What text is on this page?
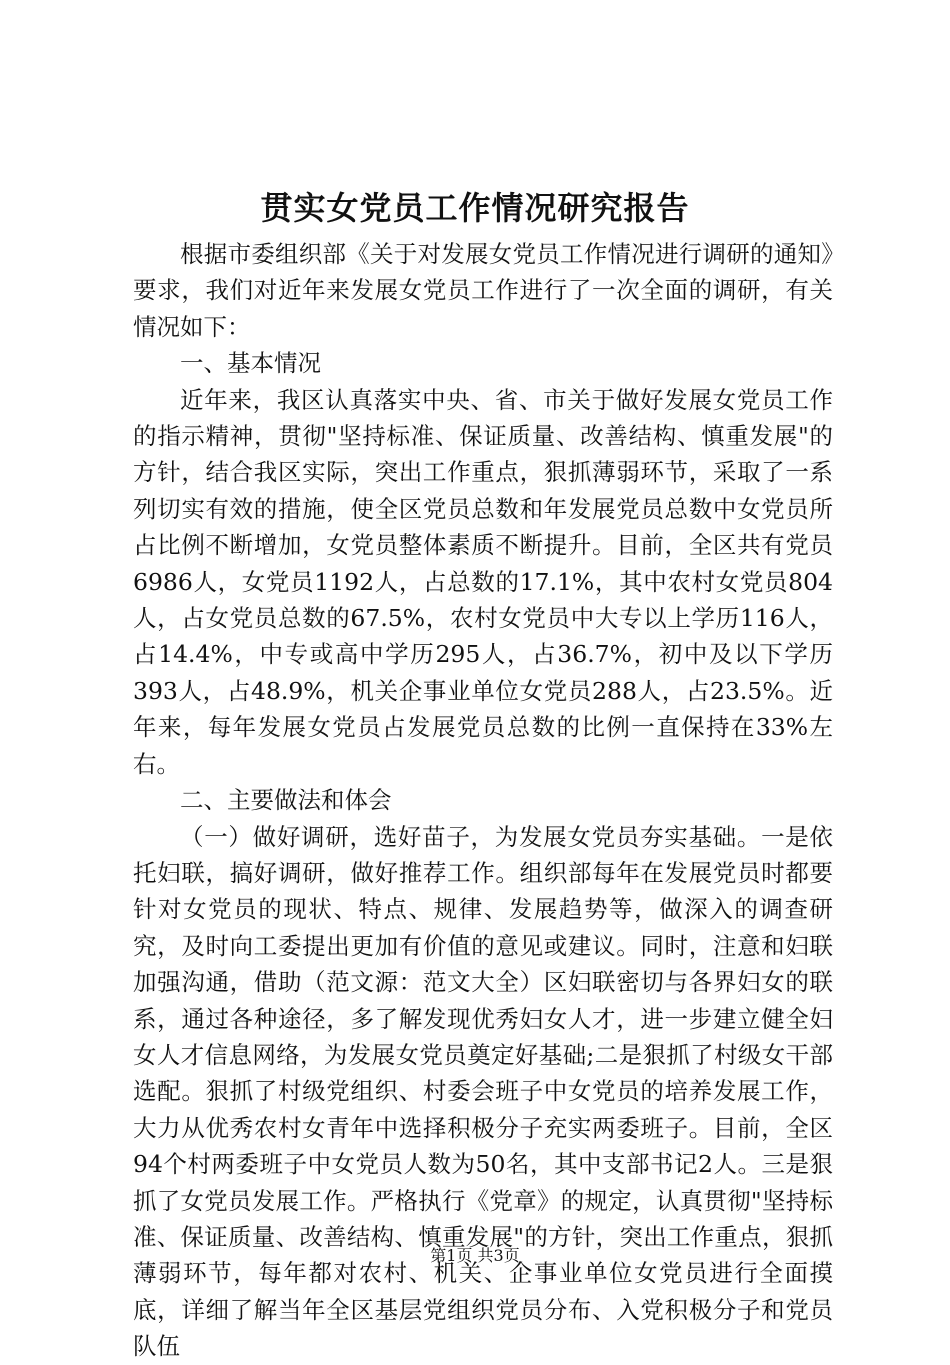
贯实女党员工作情况研究报告

根据市委组织部《关于对发展女党员工作情况进行调研的通知》要求，我们对近年来发展女党员工作进行了一次全面的调研，有关情况如下：

一、基本情况

近年来，我区认真落实中央、省、市关于做好发展女党员工作的指示精神，贯彻"坚持标准、保证质量、改善结构、慎重发展"的方针，结合我区实际，突出工作重点，狠抓薄弱环节，采取了一系列切实有效的措施，使全区党员总数和年发展党员总数中女党员所占比例不断增加，女党员整体素质不断提升。目前，全区共有党员6986人，女党员1192人，占总数的17.1%，其中农村女党员804人，占女党员总数的67.5%，农村女党员中大专以上学历116人，占14.4%，中专或高中学历295人，占36.7%，初中及以下学历393人，占48.9%，机关企事业单位女党员288人，占23.5%。近年来，每年发展女党员占发展党员总数的比例一直保持在33%左右。

二、主要做法和体会

（一）做好调研，选好苗子，为发展女党员夯实基础。一是依托妇联，搞好调研，做好推荐工作。组织部每年在发展党员时都要针对女党员的现状、特点、规律、发展趋势等，做深入的调查研究，及时向工委提出更加有价值的意见或建议。同时，注意和妇联加强沟通，借助（范文源：范文大全）区妇联密切与各界妇女的联系，通过各种途径，多了解发现优秀妇女人才，进一步建立健全妇女人才信息网络，为发展女党员奠定好基础;二是狠抓了村级女干部选配。狠抓了村级党组织、村委会班子中女党员的培养发展工作，大力从优秀农村女青年中选择积极分子充实两委班子。目前，全区94个村两委班子中女党员人数为50名，其中支部书记2人。三是狠抓了女党员发展工作。严格执行《党章》的规定，认真贯彻"坚持标准、保证质量、改善结构、慎重发展"的方针，突出工作重点，狠抓薄弱环节，每年都对农村、机关、企事业单位女党员进行全面摸底，详细了解当年全区基层党组织党员分布、入党积极分子和党员队伍

第1页 共3页
